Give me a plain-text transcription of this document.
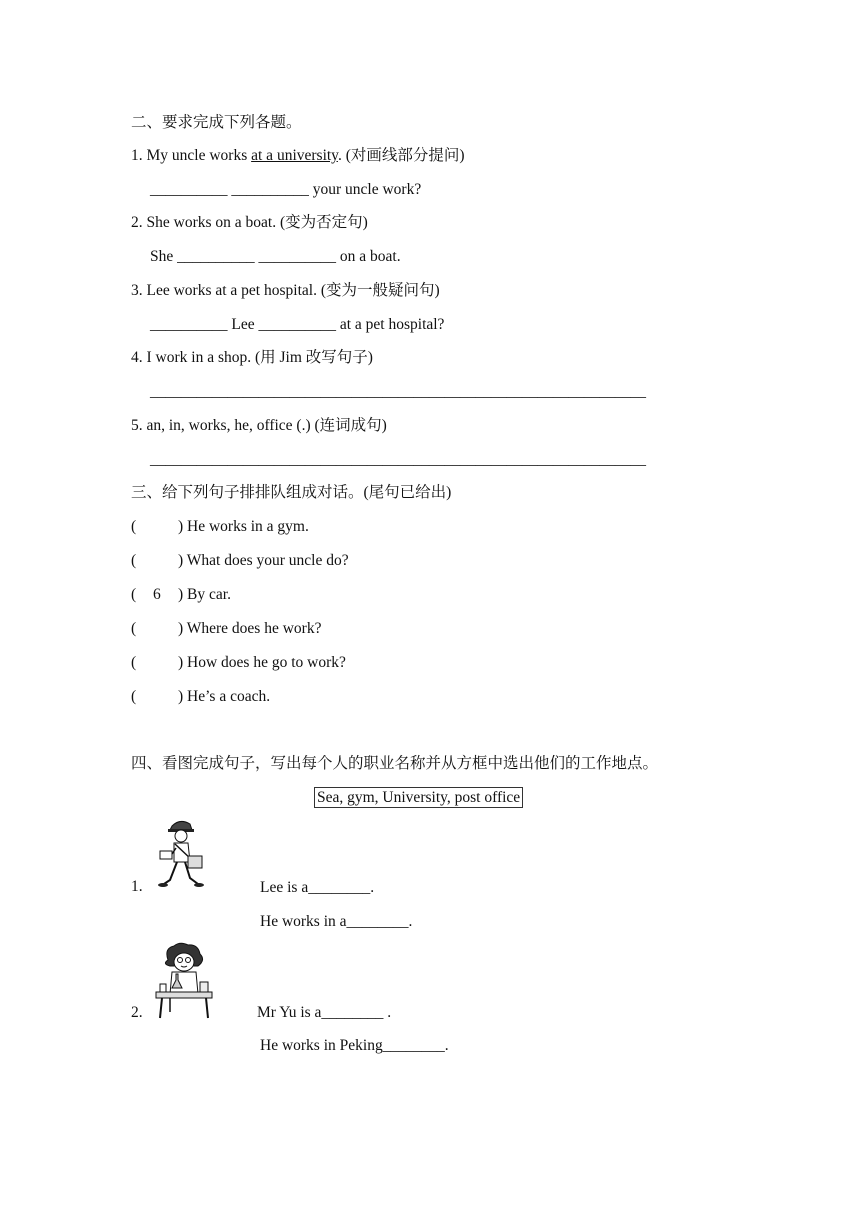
二、要求完成下列各题。
1. My uncle works at a university. (对画线部分提问)
__________ __________ your uncle work?
2. She works on a boat. (变为否定句)
She __________ __________ on a boat.
3. Lee works at a pet hospital. (变为一般疑问句)
__________ Lee __________ at a pet hospital?
4. I work in a shop. (用 Jim 改写句子)
________________________________________________________________
5. an, in, works, he, office (.) (连词成句)
________________________________________________________________
三、给下列句子排排队组成对话。(尾句已给出)
(	) He works in a gym.
(	) What does your uncle do?
( 6 ) By car.
(	) Where does he work?
(	) How does he go to work?
(	) He’s a coach.
四、看图完成句子，写出每个人的职业名称并从方框中选出他们的工作地点。
Sea, gym, University, post office
1.	Lee is a________.
He works in a________.
2.	Mr Yu is a________ .
He works in Peking________.
